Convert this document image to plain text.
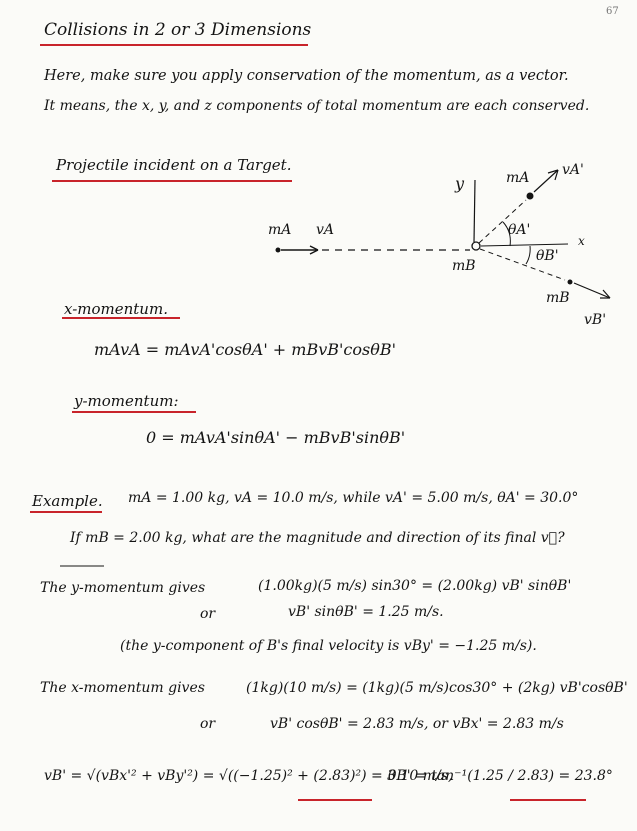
67
Collisions in 2 or 3 Dimensions
Here, make sure you apply conservation of the momentum, as a vector.
It means, the x, y, and z components of total momentum are each conserved.
Projectile incident on a Target.
mA vA
y
x
mB
mA vA'
θA'
θB'
mB
vB'
x-momentum.
mAvA = mAvA'cosθA' + mBvB'cosθB'
y-momentum:
0 = mAvA'sinθA' − mBvB'sinθB'
Example. mA = 1.00 kg, vA = 10.0 m/s, while vA' = 5.00 m/s, θA' = 30.0°
If mB = 2.00 kg, what are the magnitude and direction of its final v⃗?
The y-momentum gives	(1.00kg)(5 m/s) sin30° = (2.00kg) vB' sinθB'
or	vB' sinθB' = 1.25 m/s.
(the y-component of B's final velocity is vBy' = −1.25 m/s).
The x-momentum gives	(1kg)(10 m/s) = (1kg)(5 m/s)cos30° + (2kg) vB'cosθB'
or	vB' cosθB' = 2.83 m/s, or vBx' = 2.83 m/s
vB' = √(vBx'² + vBy'²) = √((−1.25)² + (2.83)²) = 3.10 m/s,
θB' = tan⁻¹(1.25 / 2.83) = 23.8°
